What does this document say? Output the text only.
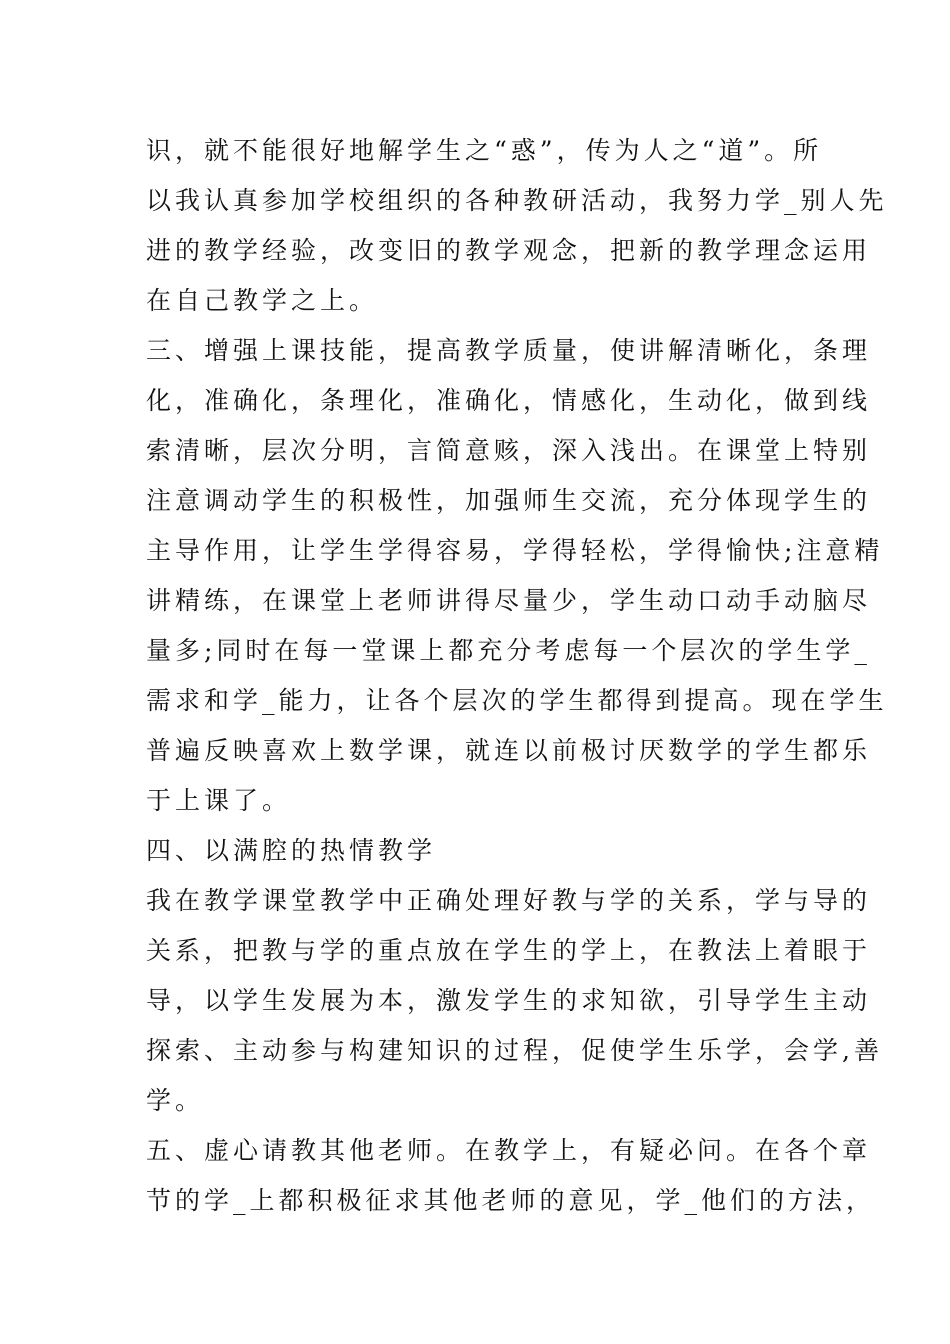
识，就不能很好地解学生之“惑”，传为人之“道”。所
以我认真参加学校组织的各种教研活动，我努力学_别人先
进的教学经验，改变旧的教学观念，把新的教学理念运用
在自己教学之上。
三、增强上课技能，提高教学质量，使讲解清晰化，条理
化，准确化，条理化，准确化，情感化，生动化，做到线
索清晰，层次分明，言简意赅，深入浅出。在课堂上特别
注意调动学生的积极性，加强师生交流，充分体现学生的
主导作用，让学生学得容易，学得轻松，学得愉快;注意精
讲精练，在课堂上老师讲得尽量少，学生动口动手动脑尽
量多;同时在每一堂课上都充分考虑每一个层次的学生学_
需求和学_能力，让各个层次的学生都得到提高。现在学生
普遍反映喜欢上数学课，就连以前极讨厌数学的学生都乐
于上课了。
四、以满腔的热情教学
我在教学课堂教学中正确处理好教与学的关系，学与导的
关系，把教与学的重点放在学生的学上，在教法上着眼于
导，以学生发展为本，激发学生的求知欲，引导学生主动
探索、主动参与构建知识的过程，促使学生乐学，会学,善
学。
五、虚心请教其他老师。在教学上，有疑必问。在各个章
节的学_上都积极征求其他老师的意见，学_他们的方法，
